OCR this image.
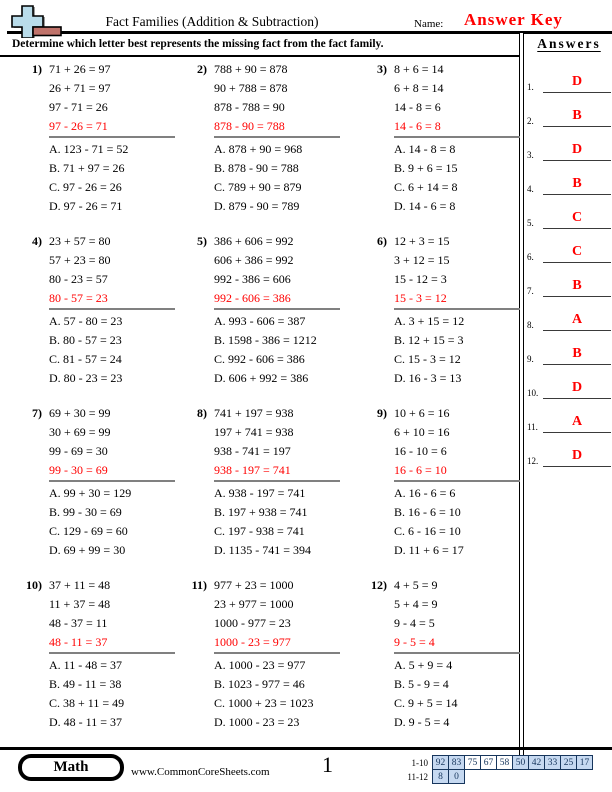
Fact Families (Addition & Subtraction)	Name: Answer Key
Determine which letter best represents the missing fact from the fact family.	Answers
1.	D
2.	B
3.	D
4.	B
5.	C
6.	C
7.	B
8.	A
9.	B
10.	D
11.	A
12.	D
1) 71 + 26 = 97
26 + 71 = 97
97 - 71 = 26
97 - 26 = 71
A. 123 - 71 = 52
B. 71 + 97 = 26
C. 97 - 26 = 26
D. 97 - 26 = 71
2) 788 + 90 = 878
90 + 788 = 878
878 - 788 = 90
878 - 90 = 788
A. 878 + 90 = 968
B. 878 - 90 = 788
C. 789 + 90 = 879
D. 879 - 90 = 789
3) 8 + 6 = 14
6 + 8 = 14
14 - 8 = 6
14 - 6 = 8
A. 14 - 8 = 8
B. 9 + 6 = 15
C. 6 + 14 = 8
D. 14 - 6 = 8
4) 23 + 57 = 80
57 + 23 = 80
80 - 23 = 57
80 - 57 = 23
A. 57 - 80 = 23
B. 80 - 57 = 23
C. 81 - 57 = 24
D. 80 - 23 = 23
5) 386 + 606 = 992
606 + 386 = 992
992 - 386 = 606
992 - 606 = 386
A. 993 - 606 = 387
B. 1598 - 386 = 1212
C. 992 - 606 = 386
D. 606 + 992 = 386
6) 12 + 3 = 15
3 + 12 = 15
15 - 12 = 3
15 - 3 = 12
A. 3 + 15 = 12
B. 12 + 15 = 3
C. 15 - 3 = 12
D. 16 - 3 = 13
7) 69 + 30 = 99
30 + 69 = 99
99 - 69 = 30
99 - 30 = 69
A. 99 + 30 = 129
B. 99 - 30 = 69
C. 129 - 69 = 60
D. 69 + 99 = 30
8) 741 + 197 = 938
197 + 741 = 938
938 - 741 = 197
938 - 197 = 741
A. 938 - 197 = 741
B. 197 + 938 = 741
C. 197 - 938 = 741
D. 1135 - 741 = 394
9) 10 + 6 = 16
6 + 10 = 16
16 - 10 = 6
16 - 6 = 10
A. 16 - 6 = 6
B. 16 - 6 = 10
C. 6 - 16 = 10
D. 11 + 6 = 17
10) 37 + 11 = 48
11 + 37 = 48
48 - 37 = 11
48 - 11 = 37
A. 11 - 48 = 37
B. 49 - 11 = 38
C. 38 + 11 = 49
D. 48 - 11 = 37
11) 977 + 23 = 1000
23 + 977 = 1000
1000 - 977 = 23
1000 - 23 = 977
A. 1000 - 23 = 977
B. 1023 - 977 = 46
C. 1000 + 23 = 1023
D. 1000 - 23 = 23
12) 4 + 5 = 9
5 + 4 = 9
9 - 4 = 5
9 - 5 = 4
A. 5 + 9 = 4
B. 5 - 9 = 4
C. 9 + 5 = 14
D. 9 - 5 = 4
Math	www.CommonCoreSheets.com 1	1-10 92 83 75 67 58 50 42 33 25 17
11-12	8	0
